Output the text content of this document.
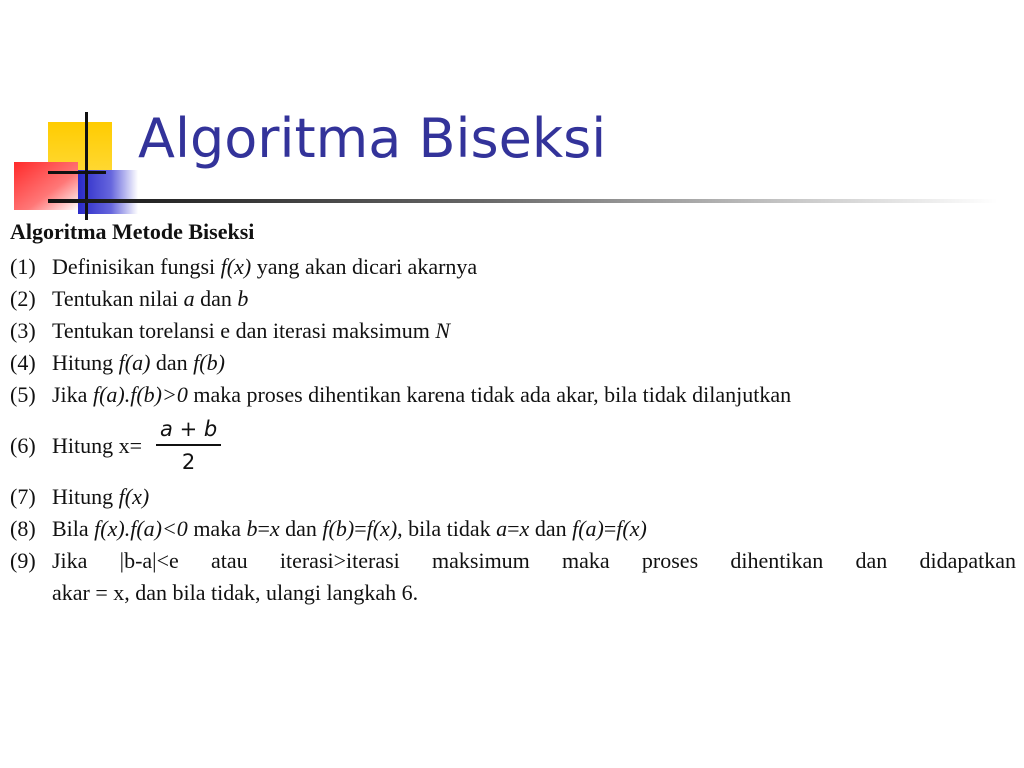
Algoritma Biseksi
Algoritma Metode Biseksi
(1) Definisikan fungsi f(x) yang akan dicari akarnya
(2) Tentukan nilai a dan b
(3) Tentukan torelansi e dan iterasi maksimum N
(4) Hitung f(a) dan f(b)
(5) Jika f(a).f(b)>0 maka proses dihentikan karena tidak ada akar, bila tidak dilanjutkan
(6) Hitung $x= \frac{a + b}{2}$
(7) Hitung f(x)
(8) Bila f(x).f(a)<0 maka b=x dan f(b)=f(x), bila tidak a=x dan f(a)=f(x)
(9) Jika |b-a|<e atau iterasi>iterasi maksimum maka proses dihentikan dan didapatkan
akar = x, dan bila tidak, ulangi langkah 6.
